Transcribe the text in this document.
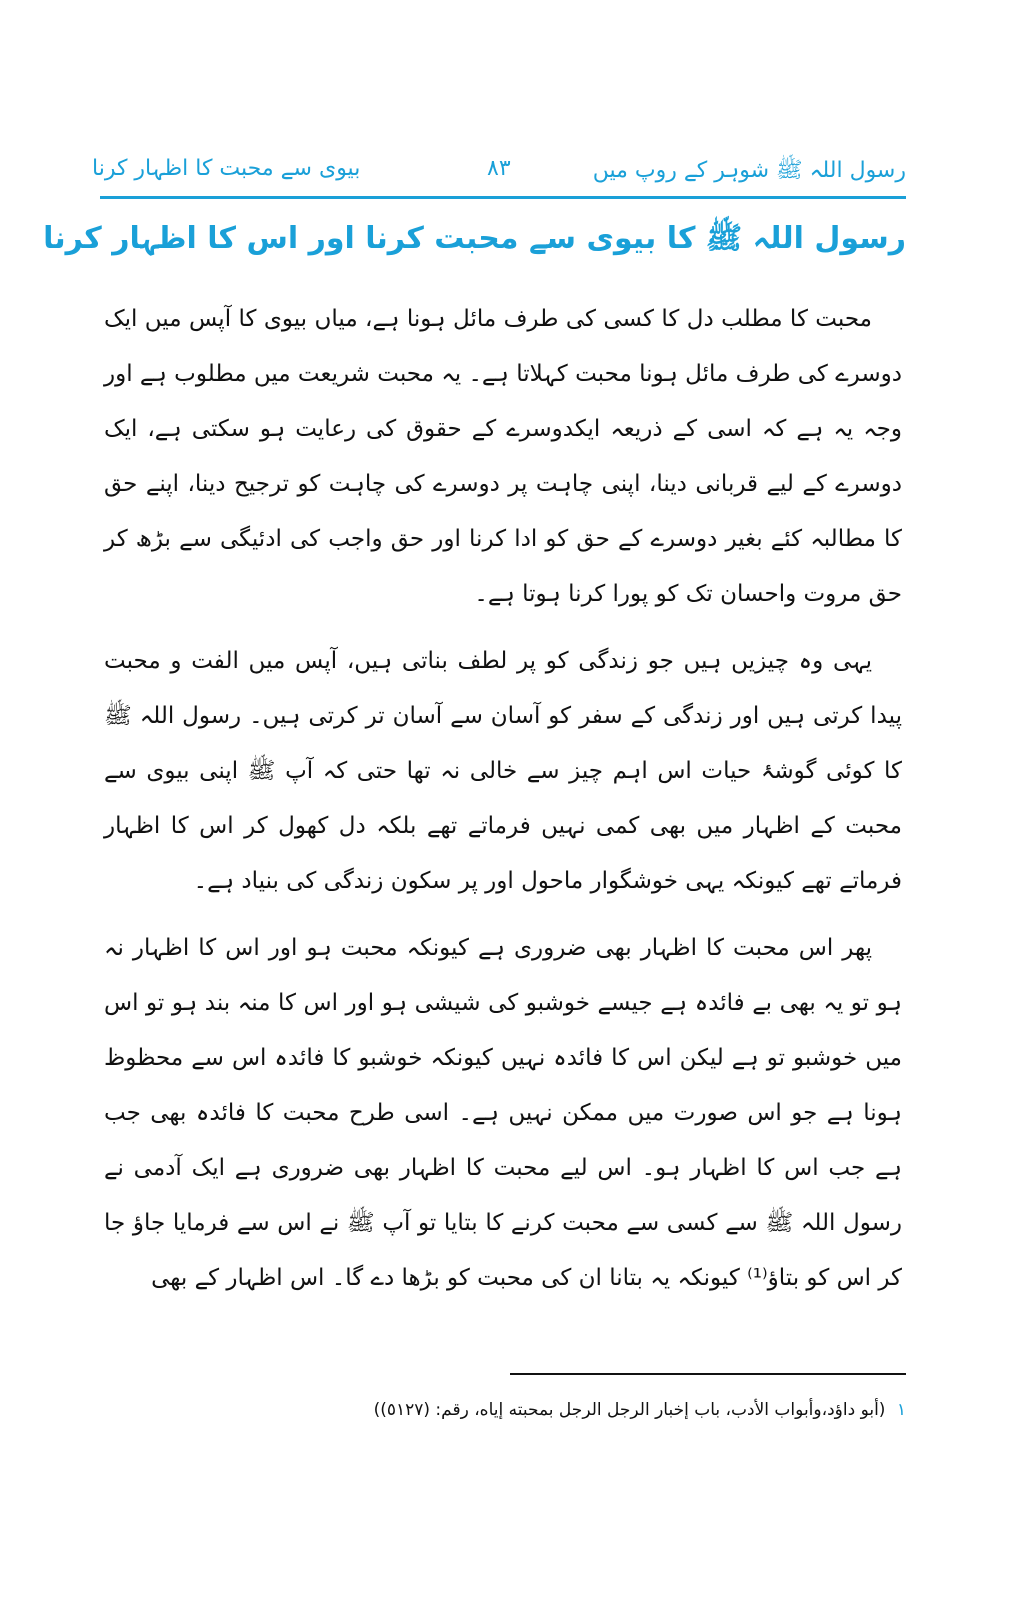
رسول اللہ ﷺ شوہر کے روپ میں
۸۳
بیوی سے محبت کا اظہار کرنا
رسول اللہ ﷺ کا بیوی سے محبت کرنا اور اس کا اظہار کرنا

محبت کا مطلب دل کا کسی کی طرف مائل ہونا ہے، میاں بیوی کا آپس میں ایک دوسرے کی طرف مائل ہونا محبت کہلاتا ہے۔ یہ محبت شریعت میں مطلوب ہے اور وجہ یہ ہے کہ اسی کے ذریعہ ایکدوسرے کے حقوق کی رعایت ہو سکتی ہے، ایک دوسرے کے لیے قربانی دینا، اپنی چاہت پر دوسرے کی چاہت کو ترجیح دینا، اپنے حق کا مطالبہ کئے بغیر دوسرے کے حق کو ادا کرنا اور حق واجب کی ادئیگی سے بڑھ کر حق مروت واحسان تک کو پورا کرنا ہوتا ہے۔

یہی وہ چیزیں ہیں جو زندگی کو پر لطف بناتی ہیں، آپس میں الفت و محبت پیدا کرتی ہیں اور زندگی کے سفر کو آسان سے آسان تر کرتی ہیں۔ رسول اللہ ﷺ کا کوئی گوشۂ حیات اس اہم چیز سے خالی نہ تھا حتی کہ آپ ﷺ اپنی بیوی سے محبت کے اظہار میں بھی کمی نہیں فرماتے تھے بلکہ دل کھول کر اس کا اظہار فرماتے تھے کیونکہ یہی خوشگوار ماحول اور پر سکون زندگی کی بنیاد ہے۔

پھر اس محبت کا اظہار بھی ضروری ہے کیونکہ محبت ہو اور اس کا اظہار نہ ہو تو یہ بھی بے فائدہ ہے جیسے خوشبو کی شیشی ہو اور اس کا منہ بند ہو تو اس میں خوشبو تو ہے لیکن اس کا فائدہ نہیں کیونکہ خوشبو کا فائدہ اس سے محظوظ ہونا ہے جو اس صورت میں ممکن نہیں ہے۔ اسی طرح محبت کا فائدہ بھی جب ہے جب اس کا اظہار ہو۔ اس لیے محبت کا اظہار بھی ضروری ہے ایک آدمی نے رسول اللہ ﷺ سے کسی سے محبت کرنے کا بتایا تو آپ ﷺ نے اس سے فرمایا جاؤ جا کر اس کو بتاؤ⁽¹⁾ کیونکہ یہ بتانا ان کی محبت کو بڑھا دے گا۔ اس اظہار کے بھی

١ (أبو داؤد،وأبواب الأدب، باب إخبار الرجل الرجل بمحبته إياه، رقم: (٥١٢٧))
